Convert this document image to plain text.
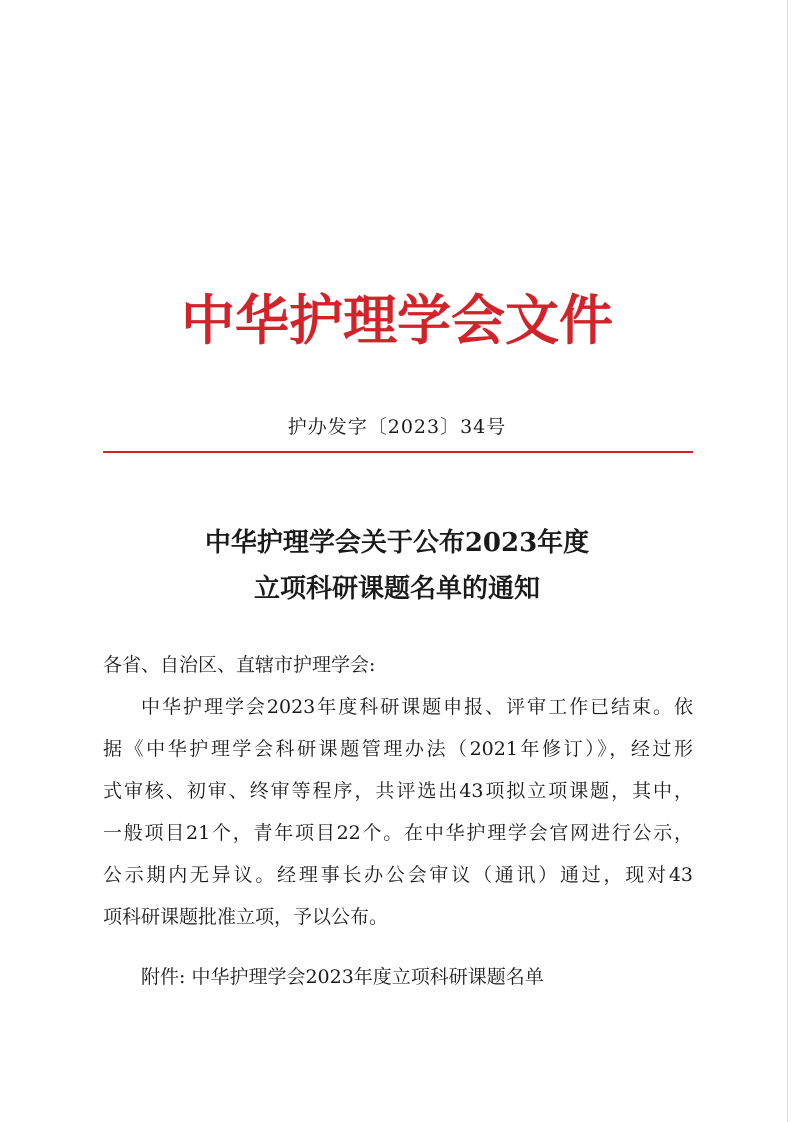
中华护理学会文件
护办发字〔2023〕34号
中华护理学会关于公布2023年度
立项科研课题名单的通知
各省、自治区、直辖市护理学会:
中华护理学会2023年度科研课题申报、评审工作已结束。依
据《中华护理学会科研课题管理办法（2021年修订）》，经过形
式审核、初审、终审等程序，共评选出43项拟立项课题，其中，
一般项目21个，青年项目22个。在中华护理学会官网进行公示，
公示期内无异议。经理事长办公会审议（通讯）通过，现对43
项科研课题批准立项，予以公布。
附件: 中华护理学会2023年度立项科研课题名单
